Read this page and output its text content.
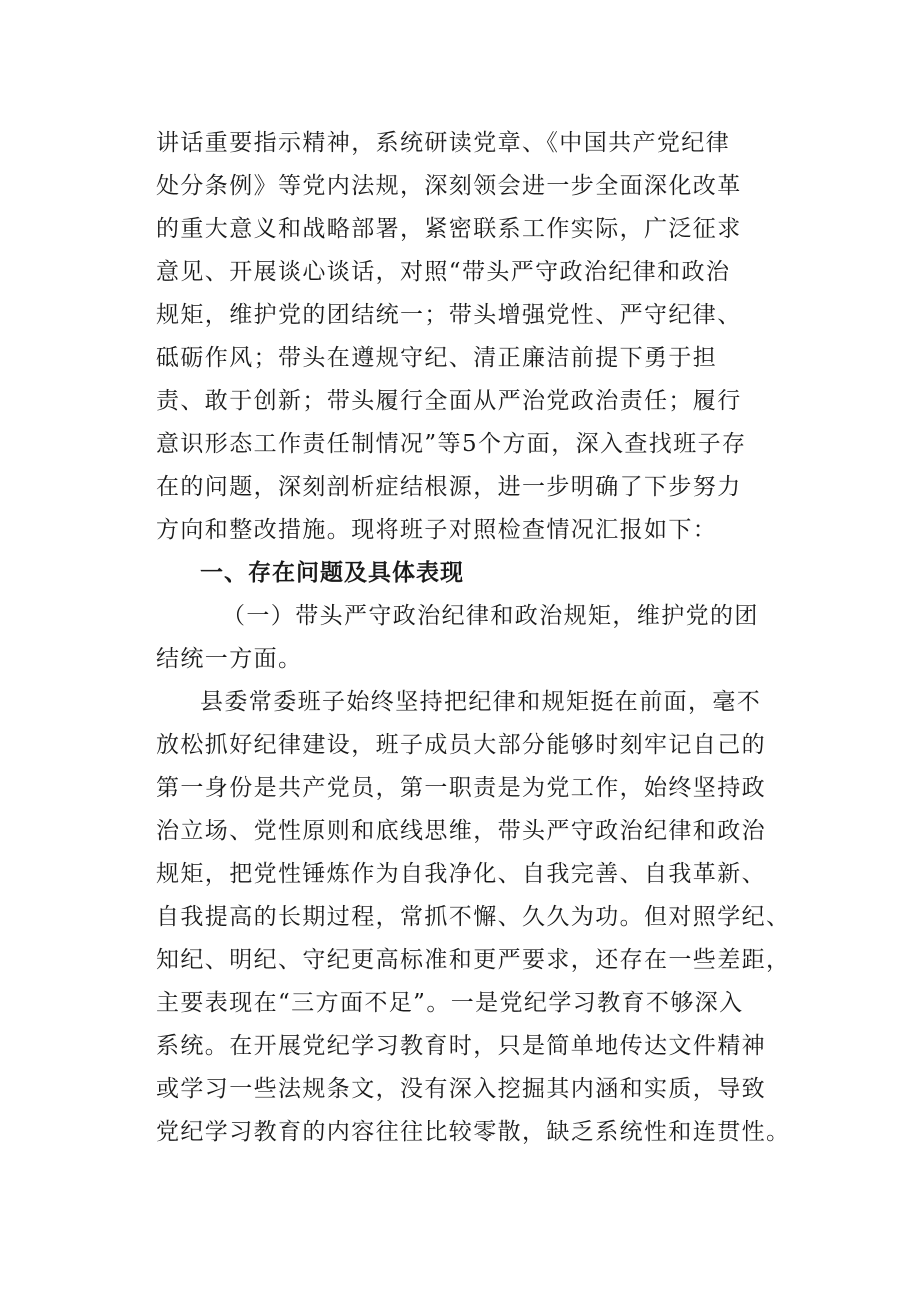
讲话重要指示精神，系统研读党章、《中国共产党纪律
处分条例》等党内法规，深刻领会进一步全面深化改革
的重大意义和战略部署，紧密联系工作实际，广泛征求
意见、开展谈心谈话，对照“带头严守政治纪律和政治
规矩，维护党的团结统一；带头增强党性、严守纪律、
砥砺作风；带头在遵规守纪、清正廉洁前提下勇于担
责、敢于创新；带头履行全面从严治党政治责任；履行
意识形态工作责任制情况”等5个方面，深入查找班子存
在的问题，深刻剖析症结根源，进一步明确了下步努力
方向和整改措施。现将班子对照检查情况汇报如下：
一、存在问题及具体表现
（一）带头严守政治纪律和政治规矩，维护党的团
结统一方面。
县委常委班子始终坚持把纪律和规矩挺在前面，毫不
放松抓好纪律建设，班子成员大部分能够时刻牢记自己的
第一身份是共产党员，第一职责是为党工作，始终坚持政
治立场、党性原则和底线思维，带头严守政治纪律和政治
规矩，把党性锤炼作为自我净化、自我完善、自我革新、
自我提高的长期过程，常抓不懈、久久为功。但对照学纪、
知纪、明纪、守纪更高标准和更严要求，还存在一些差距，
主要表现在“三方面不足”。一是党纪学习教育不够深入
系统。在开展党纪学习教育时，只是简单地传达文件精神
或学习一些法规条文，没有深入挖掘其内涵和实质，导致
党纪学习教育的内容往往比较零散，缺乏系统性和连贯性。
